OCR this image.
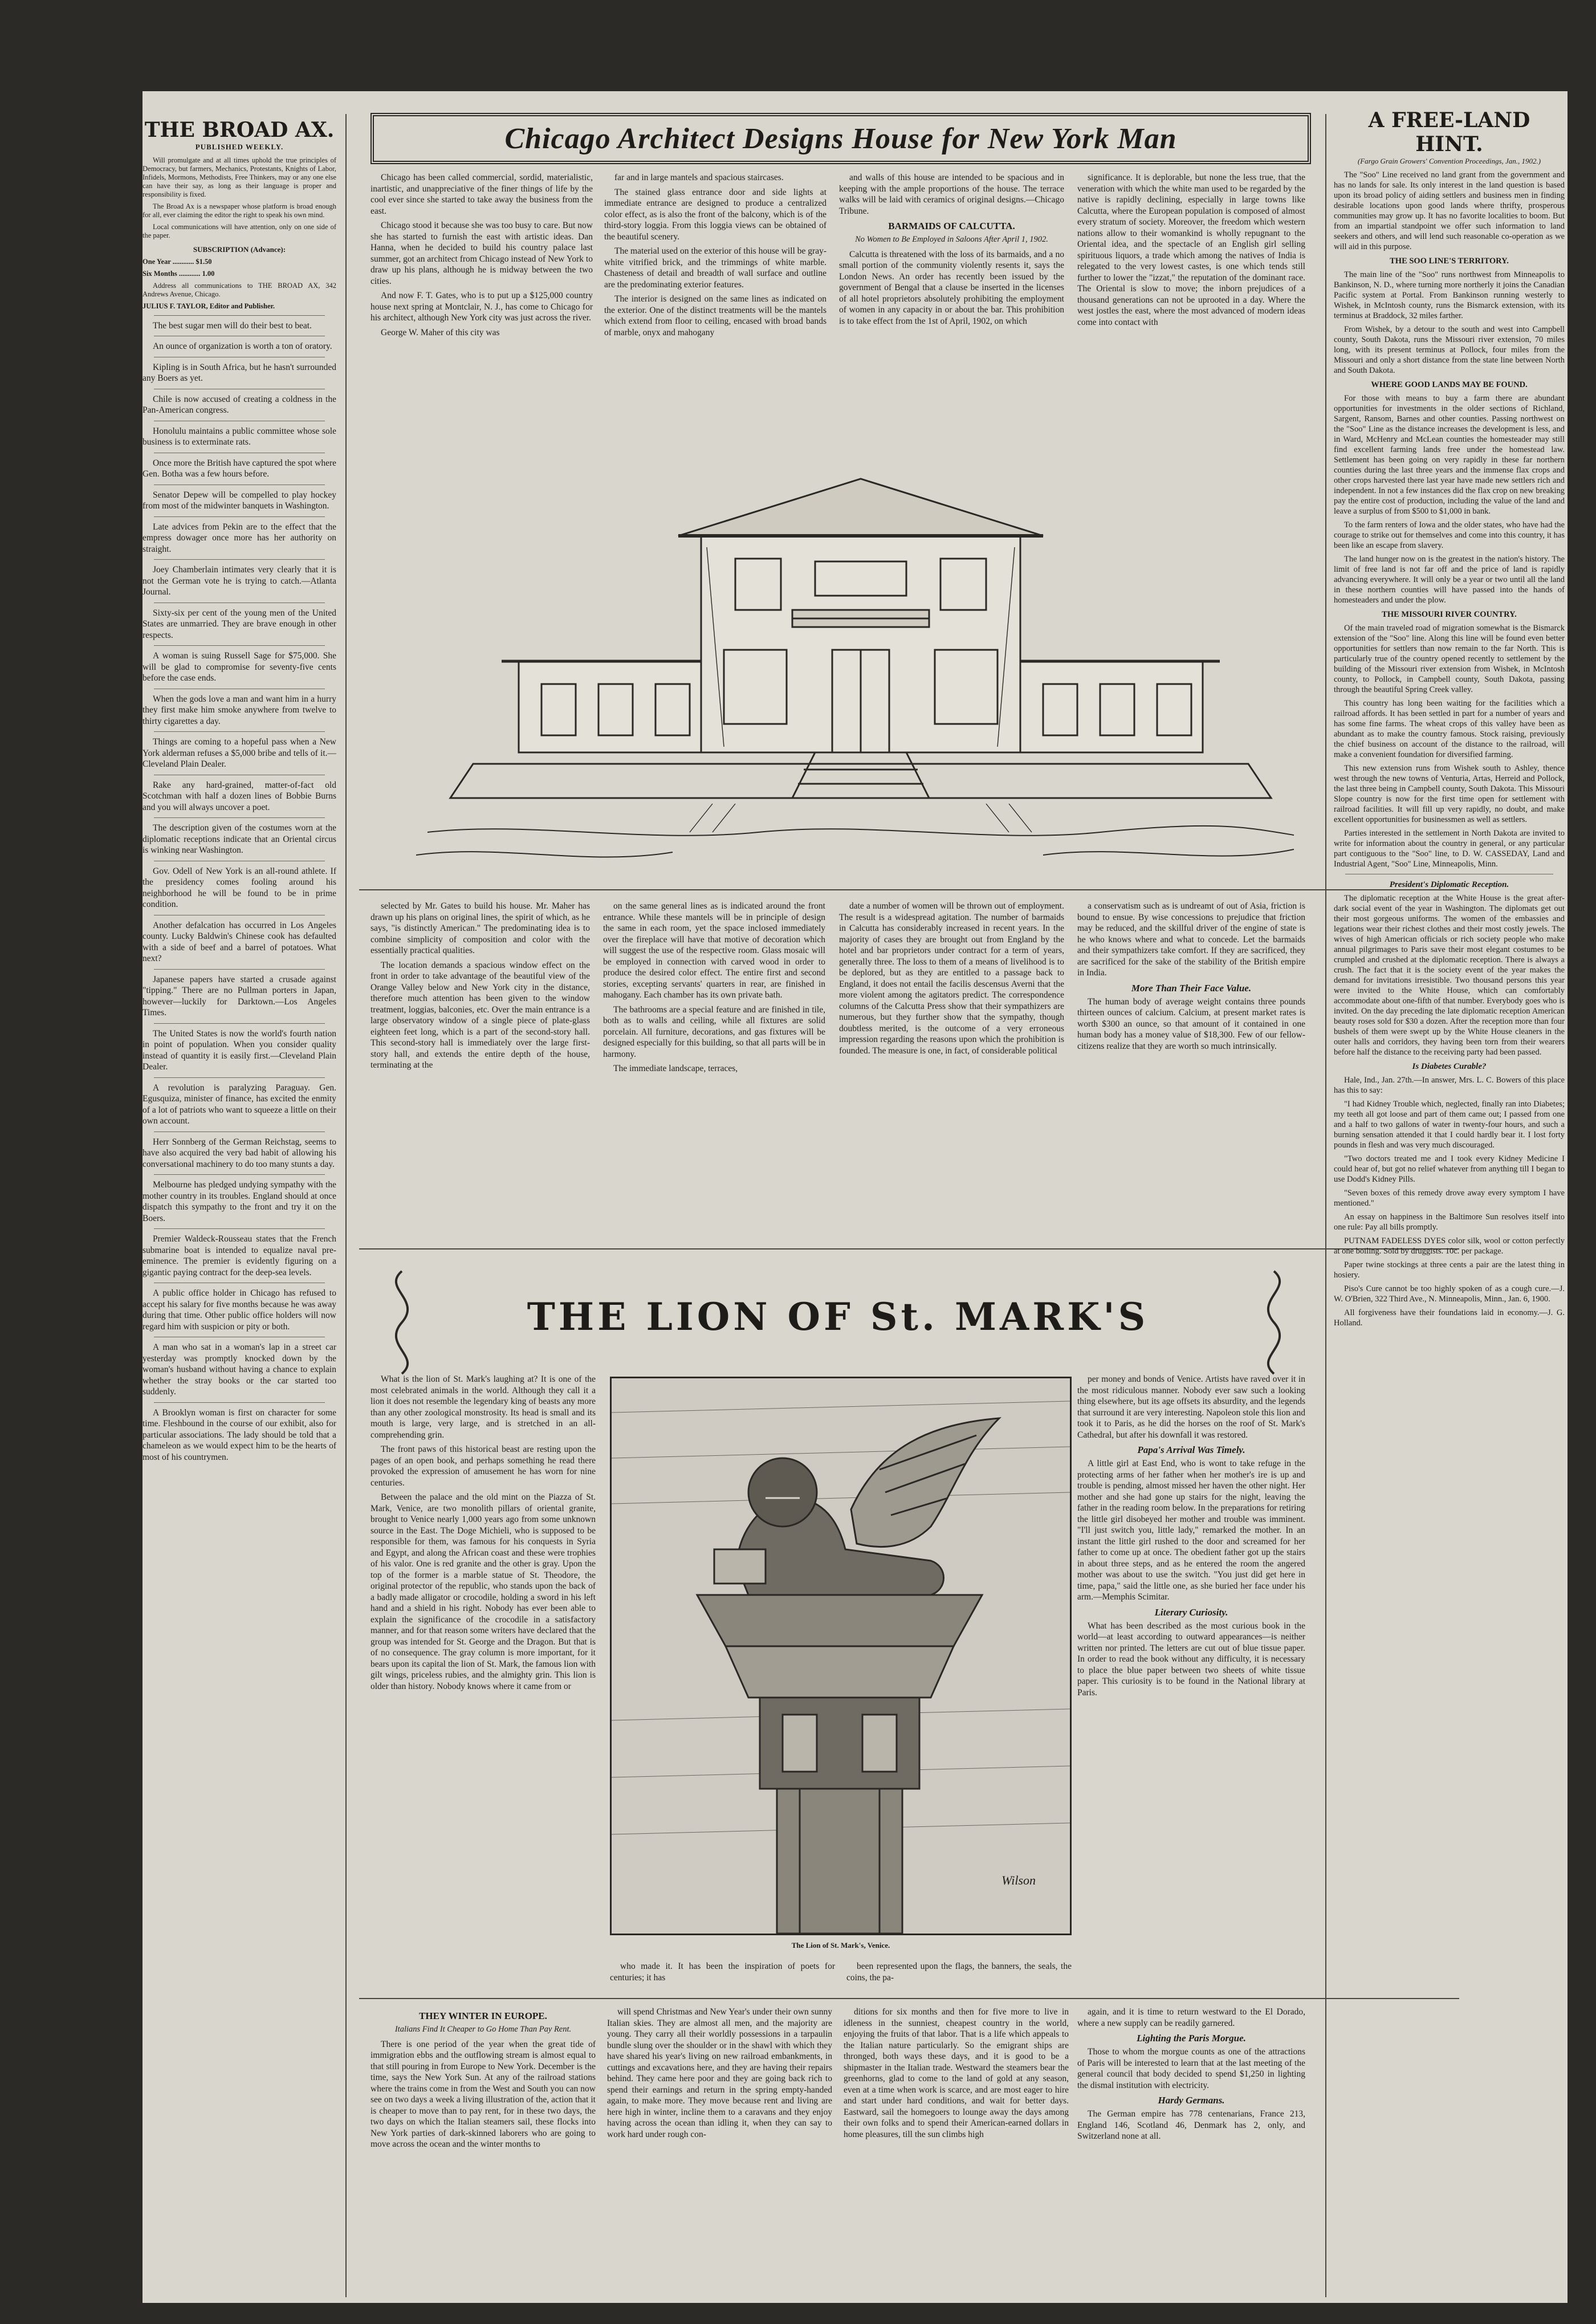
THE BROAD AX.
PUBLISHED WEEKLY.

Will promulgate and at all times uphold the true principles of Democracy, but farmers, Mechanics, Protestants, Knights of Labor, Infidels, Mormons, Methodists, Free Thinkers, may or any one else can have their say, as long as their language is proper and responsibility is fixed.

The Broad Ax is a newspaper whose platform is broad enough for all, ever claiming the editor the right to speak his own mind.

Local communications will have attention, only on one side of the paper.

SUBSCRIPTION (Advance):

One Year ............ $1.50

Six Months ............ 1.00

Address all communications to THE BROAD AX, 342 Andrews Avenue, Chicago.

JULIUS F. TAYLOR, Editor and Publisher.

The best sugar men will do their best to beat.

An ounce of organization is worth a ton of oratory.

Kipling is in South Africa, but he hasn't surrounded any Boers as yet.

Chile is now accused of creating a coldness in the Pan-American congress.

Honolulu maintains a public committee whose sole business is to exterminate rats.

Once more the British have captured the spot where Gen. Botha was a few hours before.

Senator Depew will be compelled to play hockey from most of the midwinter banquets in Washington.

Late advices from Pekin are to the effect that the empress dowager once more has her authority on straight.

Joey Chamberlain intimates very clearly that it is not the German vote he is trying to catch.—Atlanta Journal.

Sixty-six per cent of the young men of the United States are unmarried. They are brave enough in other respects.

A woman is suing Russell Sage for $75,000. She will be glad to compromise for seventy-five cents before the case ends.

When the gods love a man and want him in a hurry they first make him smoke anywhere from twelve to thirty cigarettes a day.

Things are coming to a hopeful pass when a New York alderman refuses a $5,000 bribe and tells of it.—Cleveland Plain Dealer.

Rake any hard-grained, matter-of-fact old Scotchman with half a dozen lines of Bobbie Burns and you will always uncover a poet.

The description given of the costumes worn at the diplomatic receptions indicate that an Oriental circus is winking near Washington.

Gov. Odell of New York is an all-round athlete. If the presidency comes fooling around his neighborhood he will be found to be in prime condition.

Another defalcation has occurred in Los Angeles county. Lucky Baldwin's Chinese cook has defaulted with a side of beef and a barrel of potatoes. What next?

Japanese papers have started a crusade against "tipping." There are no Pullman porters in Japan, however—luckily for Darktown.—Los Angeles Times.

The United States is now the world's fourth nation in point of population. When you consider quality instead of quantity it is easily first.—Cleveland Plain Dealer.

A revolution is paralyzing Paraguay. Gen. Egusquiza, minister of finance, has excited the enmity of a lot of patriots who want to squeeze a little on their own account.

Herr Sonnberg of the German Reichstag, seems to have also acquired the very bad habit of allowing his conversational machinery to do too many stunts a day.

Melbourne has pledged undying sympathy with the mother country in its troubles. England should at once dispatch this sympathy to the front and try it on the Boers.

Premier Waldeck-Rousseau states that the French submarine boat is intended to equalize naval pre-eminence. The premier is evidently figuring on a gigantic paying contract for the deep-sea levels.

A public office holder in Chicago has refused to accept his salary for five months because he was away during that time. Other public office holders will now regard him with suspicion or pity or both.

A man who sat in a woman's lap in a street car yesterday was promptly knocked down by the woman's husband without having a chance to explain whether the stray books or the car started too suddenly.

A Brooklyn woman is first on character for some time. Fleshbound in the course of our exhibit, also for particular associations. The lady should be told that a chameleon as we would expect him to be the hearts of most of his countrymen.

Chicago Architect Designs House for New York Man

Chicago has been called commercial, sordid, materialistic, inartistic, and unappreciative of the finer things of life by the cool ever since she started to take away the business from the east.

Chicago stood it because she was too busy to care. But now she has started to furnish the east with artistic ideas. Dan Hanna, when he decided to build his country palace last summer, got an architect from Chicago instead of New York to draw up his plans, although he is midway between the two cities.

And now F. T. Gates, who is to put up a $125,000 country house next spring at Montclair, N. J., has come to Chicago for his architect, although New York city was just across the river.

George W. Maher of this city was

far and in large mantels and spacious staircases.

The stained glass entrance door and side lights at immediate entrance are designed to produce a centralized color effect, as is also the front of the balcony, which is of the third-story loggia. From this loggia views can be obtained of the beautiful scenery.

The material used on the exterior of this house will be gray-white vitrified brick, and the trimmings of white marble. Chasteness of detail and breadth of wall surface and outline are the predominating exterior features.

The interior is designed on the same lines as indicated on the exterior. One of the distinct treatments will be the mantels which extend from floor to ceiling, encased with broad bands of marble, onyx and mahogany

and walls of this house are intended to be spacious and in keeping with the ample proportions of the house. The terrace walks will be laid with ceramics of original designs.—Chicago Tribune.

BARMAIDS OF CALCUTTA.
No Women to Be Employed in Saloons After April 1, 1902.

Calcutta is threatened with the loss of its barmaids, and a no small portion of the community violently resents it, says the London News. An order has recently been issued by the government of Bengal that a clause be inserted in the licenses of all hotel proprietors absolutely prohibiting the employment of women in any capacity in or about the bar. This prohibition is to take effect from the 1st of April, 1902, on which

significance. It is deplorable, but none the less true, that the veneration with which the white man used to be regarded by the native is rapidly declining, especially in large towns like Calcutta, where the European population is composed of almost every stratum of society. Moreover, the freedom which western nations allow to their womankind is wholly repugnant to the Oriental idea, and the spectacle of an English girl selling spirituous liquors, a trade which among the natives of India is relegated to the very lowest castes, is one which tends still further to lower the "izzat," the reputation of the dominant race. The Oriental is slow to move; the inborn prejudices of a thousand generations can not be uprooted in a day. Where the west jostles the east, where the most advanced of modern ideas come into contact with

selected by Mr. Gates to build his house. Mr. Maher has drawn up his plans on original lines, the spirit of which, as he says, "is distinctly American." The predominating idea is to combine simplicity of composition and color with the essentially practical qualities.

The location demands a spacious window effect on the front in order to take advantage of the beautiful view of the Orange Valley below and New York city in the distance, therefore much attention has been given to the window treatment, loggias, balconies, etc. Over the main entrance is a large observatory window of a single piece of plate-glass eighteen feet long, which is a part of the second-story hall. This second-story hall is immediately over the large first-story hall, and extends the entire depth of the house, terminating at the

on the same general lines as is indicated around the front entrance. While these mantels will be in principle of design the same in each room, yet the space inclosed immediately over the fireplace will have that motive of decoration which will suggest the use of the respective room. Glass mosaic will be employed in connection with carved wood in order to produce the desired color effect. The entire first and second stories, excepting servants' quarters in rear, are finished in mahogany. Each chamber has its own private bath.

The bathrooms are a special feature and are finished in tile, both as to walls and ceiling, while all fixtures are solid porcelain. All furniture, decorations, and gas fixtures will be designed especially for this building, so that all parts will be in harmony.

The immediate landscape, terraces,

date a number of women will be thrown out of employment. The result is a widespread agitation. The number of barmaids in Calcutta has considerably increased in recent years. In the majority of cases they are brought out from England by the hotel and bar proprietors under contract for a term of years, generally three. The loss to them of a means of livelihood is to be deplored, but as they are entitled to a passage back to England, it does not entail the facilis descensus Averni that the more violent among the agitators predict. The correspondence columns of the Calcutta Press show that their sympathizers are numerous, but they further show that the sympathy, though doubtless merited, is the outcome of a very erroneous impression regarding the reasons upon which the prohibition is founded. The measure is one, in fact, of considerable political

a conservatism such as is undreamt of out of Asia, friction is bound to ensue. By wise concessions to prejudice that friction may be reduced, and the skillful driver of the engine of state is he who knows where and what to concede. Let the barmaids and their sympathizers take comfort. If they are sacrificed, they are sacrificed for the sake of the stability of the British empire in India.

More Than Their Face Value.

The human body of average weight contains three pounds thirteen ounces of calcium. Calcium, at present market rates is worth $300 an ounce, so that amount of it contained in one human body has a money value of $18,300. Few of our fellow-citizens realize that they are worth so much intrinsically.

THE LION OF St. MARK'S

What is the lion of St. Mark's laughing at? It is one of the most celebrated animals in the world. Although they call it a lion it does not resemble the legendary king of beasts any more than any other zoological monstrosity. Its head is small and its mouth is large, very large, and is stretched in an all-comprehending grin.

The front paws of this historical beast are resting upon the pages of an open book, and perhaps something he read there provoked the expression of amusement he has worn for nine centuries.

Between the palace and the old mint on the Piazza of St. Mark, Venice, are two monolith pillars of oriental granite, brought to Venice nearly 1,000 years ago from some unknown source in the East. The Doge Michieli, who is supposed to be responsible for them, was famous for his conquests in Syria and Egypt, and along the African coast and these were trophies of his valor. One is red granite and the other is gray. Upon the top of the former is a marble statue of St. Theodore, the original protector of the republic, who stands upon the back of a badly made alligator or crocodile, holding a sword in his left hand and a shield in his right. Nobody has ever been able to explain the significance of the crocodile in a satisfactory manner, and for that reason some writers have declared that the group was intended for St. George and the Dragon. But that is of no consequence. The gray column is more important, for it bears upon its capital the lion of St. Mark, the famous lion with gilt wings, priceless rubies, and the almighty grin. This lion is older than history. Nobody knows where it came from or

Wilson
The Lion of St. Mark's, Venice.

per money and bonds of Venice. Artists have raved over it in the most ridiculous manner. Nobody ever saw such a looking thing elsewhere, but its age offsets its absurdity, and the legends that surround it are very interesting. Napoleon stole this lion and took it to Paris, as he did the horses on the roof of St. Mark's Cathedral, but after his downfall it was restored.

Papa's Arrival Was Timely.

A little girl at East End, who is wont to take refuge in the protecting arms of her father when her mother's ire is up and trouble is pending, almost missed her haven the other night. Her mother and she had gone up stairs for the night, leaving the father in the reading room below. In the preparations for retiring the little girl disobeyed her mother and trouble was imminent. "I'll just switch you, little lady," remarked the mother. In an instant the little girl rushed to the door and screamed for her father to come up at once. The obedient father got up the stairs in about three steps, and as he entered the room the angered mother was about to use the switch. "You just did get here in time, papa," said the little one, as she buried her face under his arm.—Memphis Scimitar.

Literary Curiosity.

What has been described as the most curious book in the world—at least according to outward appearances—is neither written nor printed. The letters are cut out of blue tissue paper. In order to read the book without any difficulty, it is necessary to place the blue paper between two sheets of white tissue paper. This curiosity is to be found in the National library at Paris.

who made it. It has been the inspiration of poets for centuries; it has

been represented upon the flags, the banners, the seals, the coins, the pa-

THEY WINTER IN EUROPE.
Italians Find It Cheaper to Go Home Than Pay Rent.

There is one period of the year when the great tide of immigration ebbs and the outflowing stream is almost equal to that still pouring in from Europe to New York. December is the time, says the New York Sun. At any of the railroad stations where the trains come in from the West and South you can now see on two days a week a living illustration of the, action that it is cheaper to move than to pay rent, for in these two days, the two days on which the Italian steamers sail, these flocks into New York parties of dark-skinned laborers who are going to move across the ocean and the winter months to

will spend Christmas and New Year's under their own sunny Italian skies. They are almost all men, and the majority are young. They carry all their worldly possessions in a tarpaulin bundle slung over the shoulder or in the shawl with which they have shared his year's living on new railroad embankments, in cuttings and excavations here, and they are having their repairs behind. They came here poor and they are going back rich to spend their earnings and return in the spring empty-handed again, to make more. They move because rent and living are here high in winter, incline them to a caravans and they enjoy having across the ocean than idling it, when they can say to work hard under rough con-

ditions for six months and then for five more to live in idleness in the sunniest, cheapest country in the world, enjoying the fruits of that labor. That is a life which appeals to the Italian nature particularly. So the emigrant ships are thronged, both ways these days, and it is good to be a shipmaster in the Italian trade. Westward the steamers bear the greenhorns, glad to come to the land of gold at any season, even at a time when work is scarce, and are most eager to hire and start under hard conditions, and wait for better days. Eastward, sail the homegoers to lounge away the days among their own folks and to spend their American-earned dollars in home pleasures, till the sun climbs high

again, and it is time to return westward to the El Dorado, where a new supply can be readily garnered.

Lighting the Paris Morgue.

Those to whom the morgue counts as one of the attractions of Paris will be interested to learn that at the last meeting of the general council that body decided to spend $1,250 in lighting the dismal institution with electricity.

Hardy Germans.

The German empire has 778 centenarians, France 213, England 146, Scotland 46, Denmark has 2, only, and Switzerland none at all.

A FREE-LAND HINT.
(Fargo Grain Growers' Convention Proceedings, Jan., 1902.)

The "Soo" Line received no land grant from the government and has no lands for sale. Its only interest in the land question is based upon its broad policy of aiding settlers and business men in finding desirable locations upon good lands where thrifty, prosperous communities may grow up. It has no favorite localities to boom. But from an impartial standpoint we offer such information to land seekers and others, and will lend such reasonable co-operation as we will aid in this purpose.

THE SOO LINE'S TERRITORY.

The main line of the "Soo" runs northwest from Minneapolis to Bankinson, N. D., where turning more northerly it joins the Canadian Pacific system at Portal. From Bankinson running westerly to Wishek, in McIntosh county, runs the Bismarck extension, with its terminus at Braddock, 32 miles farther.

From Wishek, by a detour to the south and west into Campbell county, South Dakota, runs the Missouri river extension, 70 miles long, with its present terminus at Pollock, four miles from the Missouri and only a short distance from the state line between North and South Dakota.

WHERE GOOD LANDS MAY BE FOUND.

For those with means to buy a farm there are abundant opportunities for investments in the older sections of Richland, Sargent, Ransom, Barnes and other counties. Passing northwest on the "Soo" Line as the distance increases the development is less, and in Ward, McHenry and McLean counties the homesteader may still find excellent farming lands free under the homestead law. Settlement has been going on very rapidly in these far northern counties during the last three years and the immense flax crops and other crops harvested there last year have made new settlers rich and independent. In not a few instances did the flax crop on new breaking pay the entire cost of production, including the value of the land and leave a surplus of from $500 to $1,000 in bank.

To the farm renters of Iowa and the older states, who have had the courage to strike out for themselves and come into this country, it has been like an escape from slavery.

The land hunger now on is the greatest in the nation's history. The limit of free land is not far off and the price of land is rapidly advancing everywhere. It will only be a year or two until all the land in these northern counties will have passed into the hands of homesteaders and under the plow.

THE MISSOURI RIVER COUNTRY.

Of the main traveled road of migration somewhat is the Bismarck extension of the "Soo" line. Along this line will be found even better opportunities for settlers than now remain to the far North. This is particularly true of the country opened recently to settlement by the building of the Missouri river extension from Wishek, in McIntosh county, to Pollock, in Campbell county, South Dakota, passing through the beautiful Spring Creek valley.

This country has long been waiting for the facilities which a railroad affords. It has been settled in part for a number of years and has some fine farms. The wheat crops of this valley have been as abundant as to make the country famous. Stock raising, previously the chief business on account of the distance to the railroad, will make a convenient foundation for diversified farming.

This new extension runs from Wishek south to Ashley, thence west through the new towns of Venturia, Artas, Herreid and Pollock, the last three being in Campbell county, South Dakota. This Missouri Slope country is now for the first time open for settlement with railroad facilities. It will fill up very rapidly, no doubt, and make excellent opportunities for businessmen as well as settlers.

Parties interested in the settlement in North Dakota are invited to write for information about the country in general, or any particular part contiguous to the "Soo" line, to D. W. CASSEDAY, Land and Industrial Agent, "Soo" Line, Minneapolis, Minn.

President's Diplomatic Reception.

The diplomatic reception at the White House is the great after-dark social event of the year in Washington. The diplomats get out their most gorgeous uniforms. The women of the embassies and legations wear their richest clothes and their most costly jewels. The wives of high American officials or rich society people who make annual pilgrimages to Paris save their most elegant costumes to be crumpled and crushed at the diplomatic reception. There is always a crush. The fact that it is the society event of the year makes the demand for invitations irresistible. Two thousand persons this year were invited to the White House, which can comfortably accommodate about one-fifth of that number. Everybody goes who is invited. On the day preceding the late diplomatic reception American beauty roses sold for $30 a dozen. After the reception more than four bushels of them were swept up by the White House cleaners in the outer halls and corridors, they having been torn from their wearers before half the distance to the receiving party had been passed.

Is Diabetes Curable?

Hale, Ind., Jan. 27th.—In answer, Mrs. L. C. Bowers of this place has this to say:

"I had Kidney Trouble which, neglected, finally ran into Diabetes; my teeth all got loose and part of them came out; I passed from one and a half to two gallons of water in twenty-four hours, and such a burning sensation attended it that I could hardly bear it. I lost forty pounds in flesh and was very much discouraged.

"Two doctors treated me and I took every Kidney Medicine I could hear of, but got no relief whatever from anything till I began to use Dodd's Kidney Pills.

"Seven boxes of this remedy drove away every symptom I have mentioned."

An essay on happiness in the Baltimore Sun resolves itself into one rule: Pay all bills promptly.

PUTNAM FADELESS DYES color silk, wool or cotton perfectly at one boiling. Sold by druggists. 10c. per package.

Paper twine stockings at three cents a pair are the latest thing in hosiery.

Piso's Cure cannot be too highly spoken of as a cough cure.—J. W. O'Brien, 322 Third Ave., N. Minneapolis, Minn., Jan. 6, 1900.

All forgiveness have their foundations laid in economy.—J. G. Holland.
